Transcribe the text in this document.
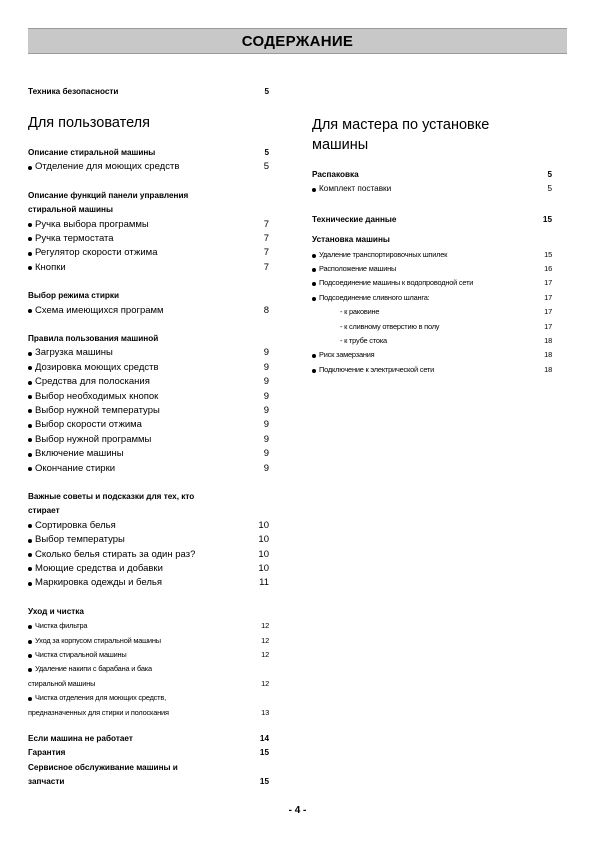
СОДЕРЖАНИЕ
Техника безопасности	5
Для пользователя
Описание стиральной машины	5
Отделение для моющих средств	5
Описание функций панели управления
стиральной машины
Ручка выбора программы	7
Ручка термостата	7
Регулятор скорости отжима	7
Кнопки	7
Выбор режима стирки
Схема имеющихся программ	8
Правила пользования машиной
Загрузка машины	9
Дозировка моющих средств	9
Средства для полоскания	9
Выбор необходимых кнопок	9
Выбор нужной температуры	9
Выбор скорости отжима	9
Выбор нужной программы	9
Включение машины	9
Окончание стирки	9
Важные советы и подсказки для тех, кто
стирает
Сортировка белья	10
Выбор температуры	10
Сколько белья стирать за один раз?	10
Моющие средства и добавки	10
Маркировка одежды и белья	11
Уход и чистка
Чистка фильтра	12
Уход за корпусом стиральной машины	12
Чистка стиральной машины	12
Удаление накипи с барабана и бака
стиральной машины	12
Чистка отделения для моющих средств,
предназначенных для стирки и полоскания	13
Если машина не работает	14
Гарантия	15
Сервисное обслуживание машины и
запчасти	15
Для мастера по установке
машины
Распаковка	5
Комплект поставки	5
Технические данные	15
Установка машины
Удаление транспортировочных шпилек	15
Расположение машины	16
Подсоединение машины к водопроводной сети	17
Подсоединение сливного шланга:	17
- к раковине	17
- к сливному отверстию в полу	17
- к трубе стока	18
Риск замерзания	18
Подключение к электрической сети	18
- 4 -
